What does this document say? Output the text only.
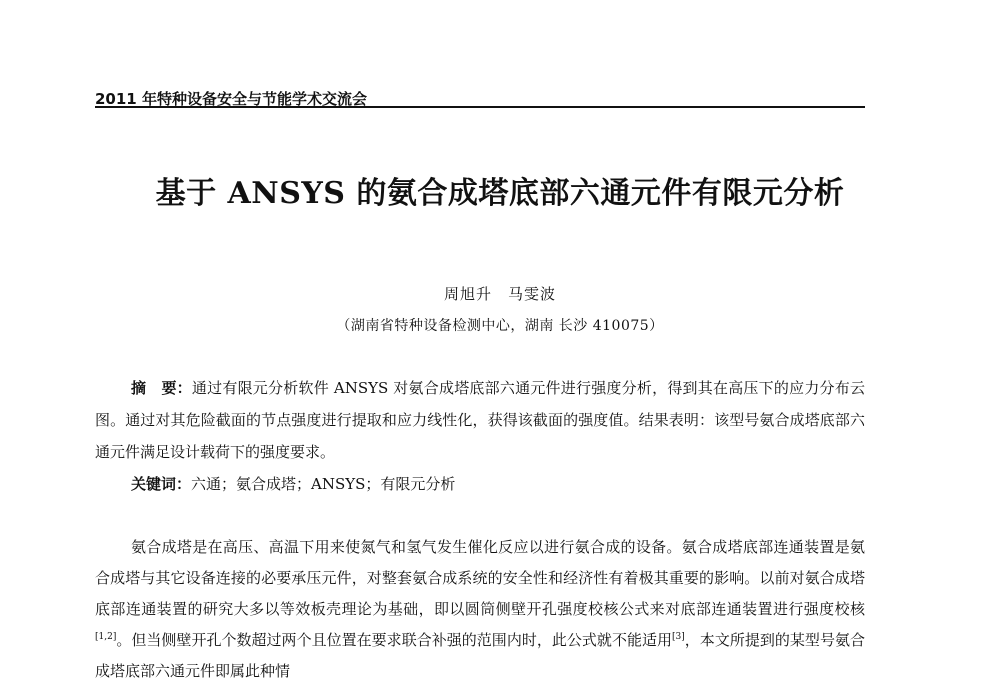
2011 年特种设备安全与节能学术交流会
基于 ANSYS 的氨合成塔底部六通元件有限元分析
周旭升　马雯波
（湖南省特种设备检测中心，湖南 长沙 410075）

摘　要：通过有限元分析软件 ANSYS 对氨合成塔底部六通元件进行强度分析，得到其在高压下的应力分布云图。通过对其危险截面的节点强度进行提取和应力线性化，获得该截面的强度值。结果表明：该型号氨合成塔底部六通元件满足设计载荷下的强度要求。

关键词：六通；氨合成塔；ANSYS；有限元分析

氨合成塔是在高压、高温下用来使氮气和氢气发生催化反应以进行氨合成的设备。氨合成塔底部连通装置是氨合成塔与其它设备连接的必要承压元件，对整套氨合成系统的安全性和经济性有着极其重要的影响。以前对氨合成塔底部连通装置的研究大多以等效板壳理论为基础，即以圆筒侧壁开孔强度校核公式来对底部连通装置进行强度校核[1,2]。但当侧壁开孔个数超过两个且位置在要求联合补强的范围内时，此公式就不能适用[3]，本文所提到的某型号氨合成塔底部六通元件即属此种情
